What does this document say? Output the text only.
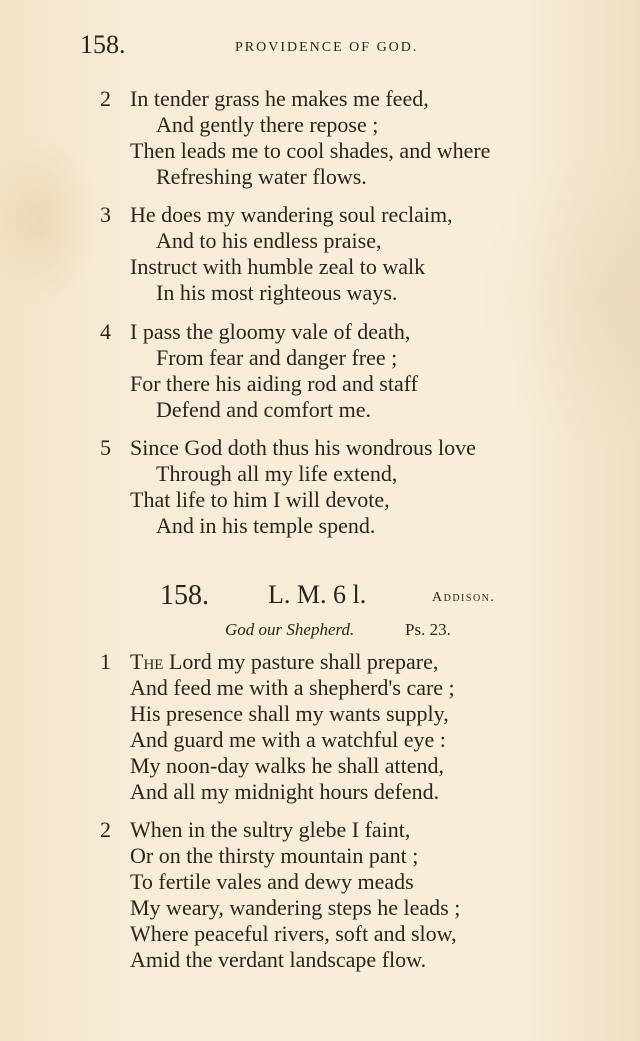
158.	PROVIDENCE OF GOD.
2 In tender grass he makes me feed,
And gently there repose ;
Then leads me to cool shades, and where
Refreshing water flows.
3 He does my wandering soul reclaim,
And to his endless praise,
Instruct with humble zeal to walk
In his most righteous ways.
4 I pass the gloomy vale of death,
From fear and danger free ;
For there his aiding rod and staff
Defend and comfort me.
5 Since God doth thus his wondrous love
Through all my life extend,
That life to him I will devote,
And in his temple spend.
158. L. M. 6 l.	Addison.
God our Shepherd.	Ps. 23.
1 The Lord my pasture shall prepare,
And feed me with a shepherd's care ;
His presence shall my wants supply,
And guard me with a watchful eye :
My noon-day walks he shall attend,
And all my midnight hours defend.
2 When in the sultry glebe I faint,
Or on the thirsty mountain pant ;
To fertile vales and dewy meads
My weary, wandering steps he leads ;
Where peaceful rivers, soft and slow,
Amid the verdant landscape flow.
